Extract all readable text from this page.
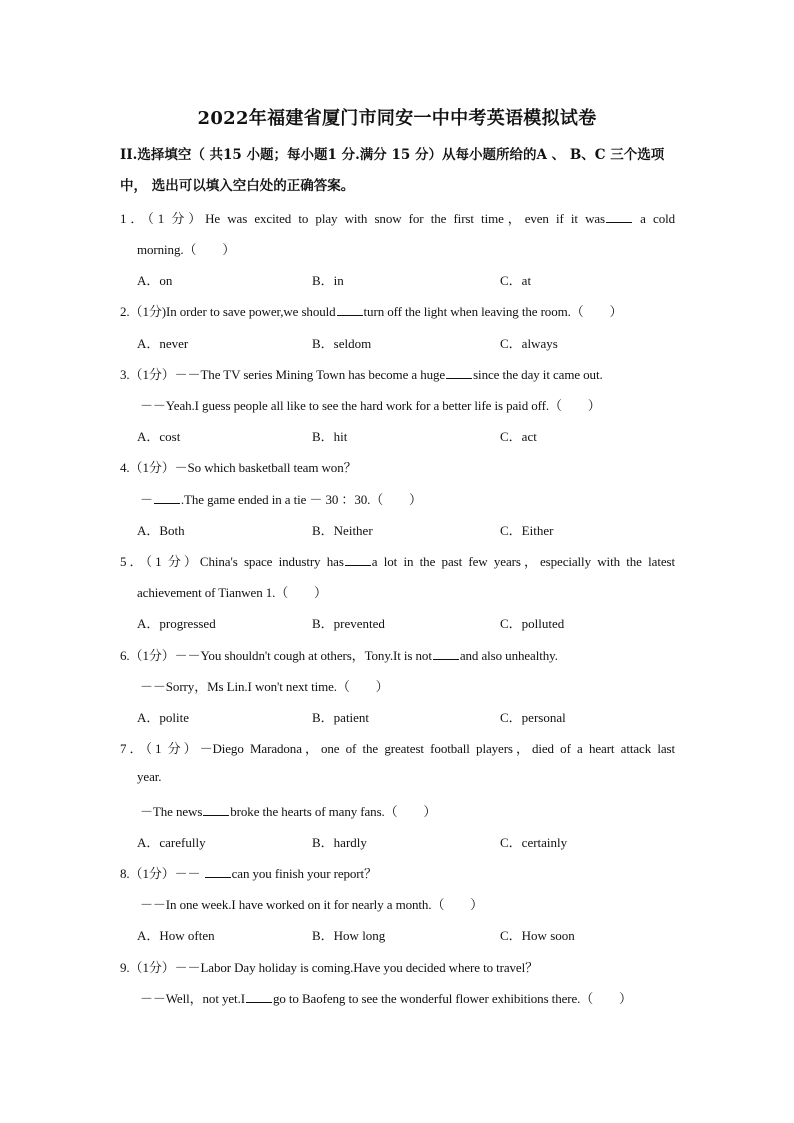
2022年福建省厦门市同安一中中考英语模拟试卷
II.选择填空（ 共15 小题；每小题1 分.满分 15 分）从每小题所给的A 、 B、C 三个选项
中， 选出可以填入空白处的正确答案。
1．（1 分）He was excited to play with snow for the first time，even if it was a cold
morning.（　　）
A．on	B．in	C．at
2.（1分)In order to save power,we should turn off the light when leaving the room.（　　）
A．never	B．seldom	C．always
3.（1分）－－The TV series Mining Town has become a huge since the day it came out.
－－Yeah.I guess people all like to see the hard work for a better life is paid off.（　　）
A．cost	B．hit	C．act
4.（1分）－So which basketball team won？
－ .The game ended in a tie － 30 ：30.（　　）
A．Both	B．Neither	C．Either
5．（1 分）China's space industry has a lot in the past few years，especially with the latest
achievement of Tianwen 1.（　　）
A．progressed	B．prevented	C．polluted
6.（1分）－－You shouldn't cough at others，Tony.It is not and also unhealthy.
－－Sorry，Ms Lin.I won't next time.（　　）
A．polite	B．patient	C．personal
7．（1 分）－Diego Maradona，one of the greatest football players，died of a heart attack last
year.
－The news broke the hearts of many fans.（　　）
A．carefully	B．hardly	C．certainly
8.（1分）－－ can you finish your report？
－－In one week.I have worked on it for nearly a month.（　　）
A．How often	B．How long	C．How soon
9.（1分）－－Labor Day holiday is coming.Have you decided where to travel？
－－Well，not yet.I go to Baofeng to see the wonderful flower exhibitions there.（　　）
